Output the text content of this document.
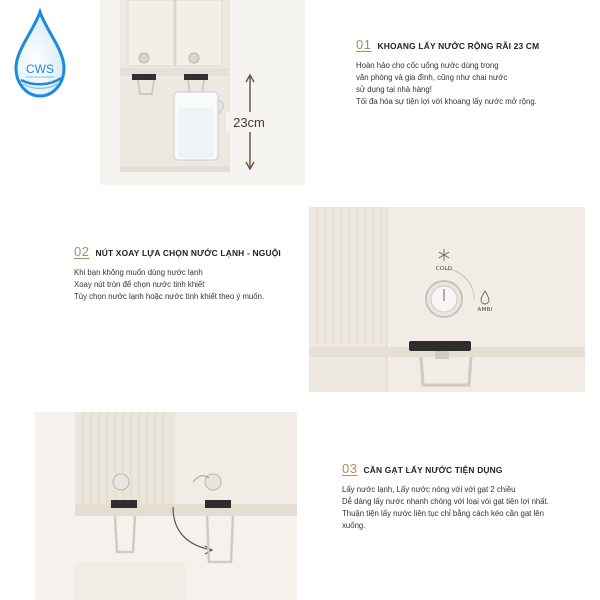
CWS
23cm
COLD
AMBI
01 KHOANG LẤY NƯỚC RỘNG RÃI 23 CM
Hoàn hảo cho cốc uống nước dùng trong
văn phòng và gia đình, cũng như chai nước
sử dụng tại nhà hàng!
Tối đa hóa sự tiện lợi với khoang lấy nước mở rộng.
02 NÚT XOAY LỰA CHỌN NƯỚC LẠNH - NGUỘI
Khi bạn không muốn dùng nước lạnh
Xoay nút tròn để chọn nước tinh khiết
Tùy chọn nước lạnh hoặc nước tinh khiết theo ý muốn.
03 CẦN GẠT LẤY NƯỚC TIỆN DỤNG
Lấy nước lạnh, Lấy nước nóng với với gạt 2 chiều
Dễ dàng lấy nước nhanh chóng với loại vòi gạt tiện lợi nhất.
Thuận tiện lấy nước liên tục chỉ bằng cách kéo cần gạt lên
xuống.
